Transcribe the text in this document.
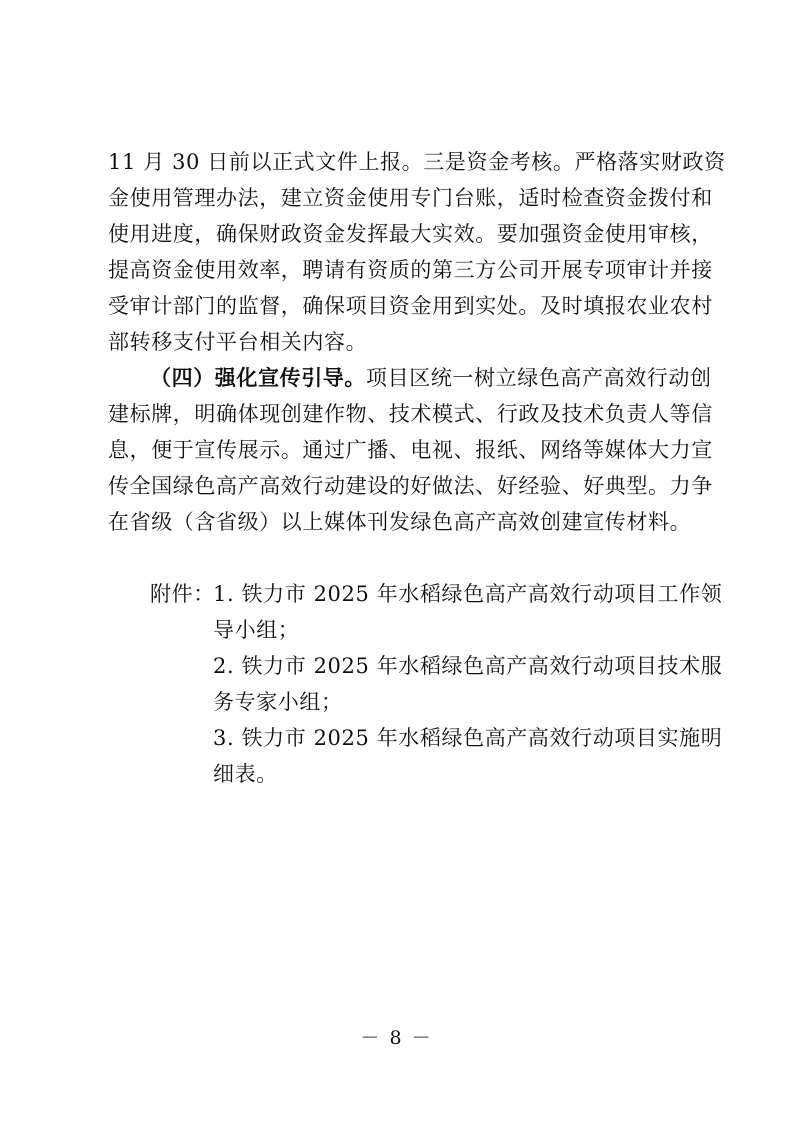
11 月 30 日前以正式文件上报。三是资金考核。严格落实财政资
金使用管理办法，建立资金使用专门台账，适时检查资金拨付和
使用进度，确保财政资金发挥最大实效。要加强资金使用审核，
提高资金使用效率，聘请有资质的第三方公司开展专项审计并接
受审计部门的监督，确保项目资金用到实处。及时填报农业农村
部转移支付平台相关内容。
（四）强化宣传引导。项目区统一树立绿色高产高效行动创
建标牌，明确体现创建作物、技术模式、行政及技术负责人等信
息，便于宣传展示。通过广播、电视、报纸、网络等媒体大力宣
传全国绿色高产高效行动建设的好做法、好经验、好典型。力争
在省级（含省级）以上媒体刊发绿色高产高效创建宣传材料。
附件：
1. 铁力市 2025 年水稻绿色高产高效行动项目工作领
导小组；
2. 铁力市 2025 年水稻绿色高产高效行动项目技术服
务专家小组；
3. 铁力市 2025 年水稻绿色高产高效行动项目实施明
细表。
－ 8 －
